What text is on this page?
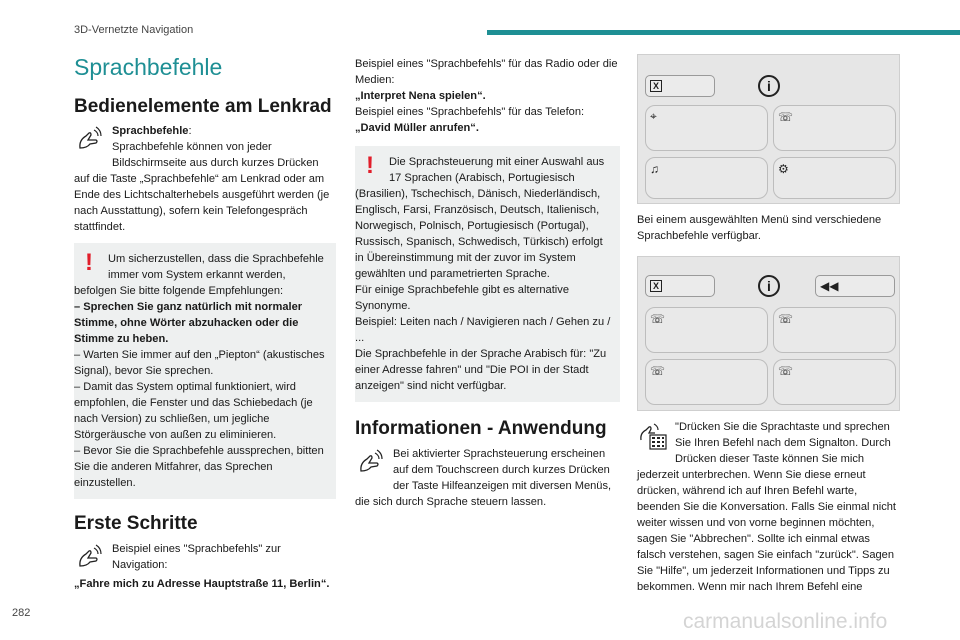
3D-Vernetzte Navigation
Sprachbefehle
Bedienelemente am Lenkrad

Sprachbefehle:
Sprachbefehle können von jeder Bildschirmseite aus durch kurzes Drücken auf die Taste „Sprachbefehle“ am Lenkrad oder am Ende des Lichtschalterhebels ausgeführt werden (je nach Ausstattung), sofern kein Telefongespräch stattfindet.

!	Um sicherzustellen, dass die Sprachbefehle immer vom System erkannt werden, befolgen Sie bitte folgende Empfehlungen:

– Sprechen Sie ganz natürlich mit normaler Stimme, ohne Wörter abzuhacken oder die Stimme zu heben.

– Warten Sie immer auf den „Piepton“ (akustisches Signal), bevor Sie sprechen.

– Damit das System optimal funktioniert, wird empfohlen, die Fenster und das Schiebedach (je nach Version) zu schließen, um jegliche Störgeräusche von außen zu eliminieren.

– Bevor Sie die Sprachbefehle aussprechen, bitten Sie die anderen Mitfahrer, das Sprechen einzustellen.

Erste Schritte

Beispiel eines "Sprachbefehls" zur Navigation:

„Fahre mich zu Adresse Hauptstraße 11, Berlin“.

Beispiel eines "Sprachbefehls" für das Radio oder die Medien:

„Interpret Nena spielen“.

Beispiel eines "Sprachbefehls" für das Telefon:

„David Müller anrufen“.

!	Die Sprachsteuerung mit einer Auswahl aus 17 Sprachen (Arabisch, Portugiesisch (Brasilien), Tschechisch, Dänisch, Niederländisch, Englisch, Farsi, Französisch, Deutsch, Italienisch, Norwegisch, Polnisch, Portugiesisch (Portugal), Russisch, Spanisch, Schwedisch, Türkisch) erfolgt in Übereinstimmung mit der zuvor im System gewählten und parametrierten Sprache.

Für einige Sprachbefehle gibt es alternative Synonyme.

Beispiel: Leiten nach / Navigieren nach / Gehen zu / ...

Die Sprachbefehle in der Sprache Arabisch für: "Zu einer Adresse fahren" und "Die POI in der Stadt anzeigen" sind nicht verfügbar.

Informationen - Anwendung

Bei aktivierter Sprachsteuerung erscheinen auf dem Touchscreen durch kurzes Drücken der Taste Hilfeanzeigen mit diversen Menüs, die sich durch Sprache steuern lassen.

X	i
⌖	☏
♫	⚙

Bei einem ausgewählten Menü sind verschiedene Sprachbefehle verfügbar.

X	i	◀◀
☏	☏
☏	☏

"Drücken Sie die Sprachtaste und sprechen Sie Ihren Befehl nach dem Signalton. Durch Drücken dieser Taste können Sie mich jederzeit unterbrechen. Wenn Sie diese erneut drücken, während ich auf Ihren Befehl warte, beenden Sie die Konversation. Falls Sie einmal nicht weiter wissen und von vorne beginnen möchten, sagen Sie "Abbrechen". Sollte ich einmal etwas falsch verstehen, sagen Sie einfach "zurück". Sagen Sie "Hilfe", um jederzeit Informationen und Tipps zu bekommen. Wenn mir nach Ihrem Befehl eine

282	carmanualsonline.info
